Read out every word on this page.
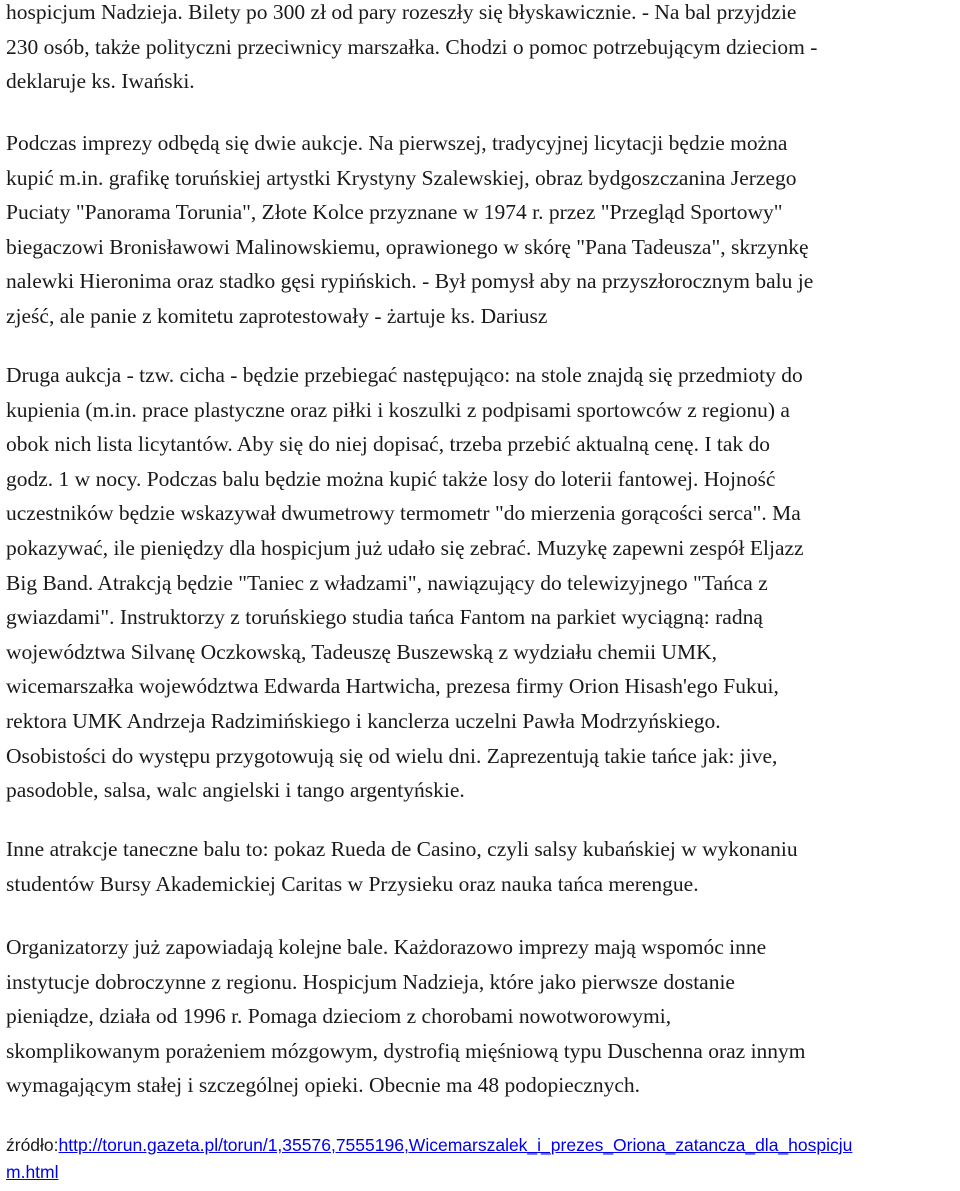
hospicjum Nadzieja. Bilety po 300 zł od pary rozeszły się błyskawicznie. - Na bal przyjdzie
230 osób, także polityczni przeciwnicy marszałka. Chodzi o pomoc potrzebującym dzieciom -
deklaruje ks. Iwański.

Podczas imprezy odbędą się dwie aukcje. Na pierwszej, tradycyjnej licytacji będzie można
kupić m.in. grafikę toruńskiej artystki Krystyny Szalewskiej, obraz bydgoszczanina Jerzego
Puciaty "Panorama Torunia", Złote Kolce przyznane w 1974 r. przez "Przegląd Sportowy"
biegaczowi Bronisławowi Malinowskiemu, oprawionego w skórę "Pana Tadeusza", skrzynkę
nalewki Hieronima oraz stadko gęsi rypińskich. - Był pomysł aby na przyszłorocznym balu je
zjeść, ale panie z komitetu zaprotestowały - żartuje ks. Dariusz

Druga aukcja - tzw. cicha - będzie przebiegać następująco: na stole znajdą się przedmioty do
kupienia (m.in. prace plastyczne oraz piłki i koszulki z podpisami sportowców z regionu) a
obok nich lista licytantów. Aby się do niej dopisać, trzeba przebić aktualną cenę. I tak do
godz. 1 w nocy. Podczas balu będzie można kupić także losy do loterii fantowej. Hojność
uczestników będzie wskazywał dwumetrowy termometr "do mierzenia gorącości serca". Ma
pokazywać, ile pieniędzy dla hospicjum już udało się zebrać. Muzykę zapewni zespół Eljazz
Big Band. Atrakcją będzie "Taniec z władzami", nawiązujący do telewizyjnego "Tańca z
gwiazdami". Instruktorzy z toruńskiego studia tańca Fantom na parkiet wyciągną: radną
województwa Silvanę Oczkowską, Tadeuszę Buszewską z wydziału chemii UMK,
wicemarszałka województwa Edwarda Hartwicha, prezesa firmy Orion Hisash'ego Fukui,
rektora UMK Andrzeja Radzimińskiego i kanclerza uczelni Pawła Modrzyńskiego.
Osobistości do występu przygotowują się od wielu dni. Zaprezentują takie tańce jak: jive,
pasodoble, salsa, walc angielski i tango argentyńskie.

Inne atrakcje taneczne balu to: pokaz Rueda de Casino, czyli salsy kubańskiej w wykonaniu
studentów Bursy Akademickiej Caritas w Przysieku oraz nauka tańca merengue.

Organizatorzy już zapowiadają kolejne bale. Każdorazowo imprezy mają wspomóc inne
instytucje dobroczynne z regionu. Hospicjum Nadzieja, które jako pierwsze dostanie
pieniądze, działa od 1996 r. Pomaga dzieciom z chorobami nowotworowymi,
skomplikowanym porażeniem mózgowym, dystrofią mięśniową typu Duschenna oraz innym
wymagającym stałej i szczególnej opieki. Obecnie ma 48 podopiecznych.

źródło:http://torun.gazeta.pl/torun/1,35576,7555196,Wicemarszalek_i_prezes_Oriona_zatancza_dla_hospicju
m.html
